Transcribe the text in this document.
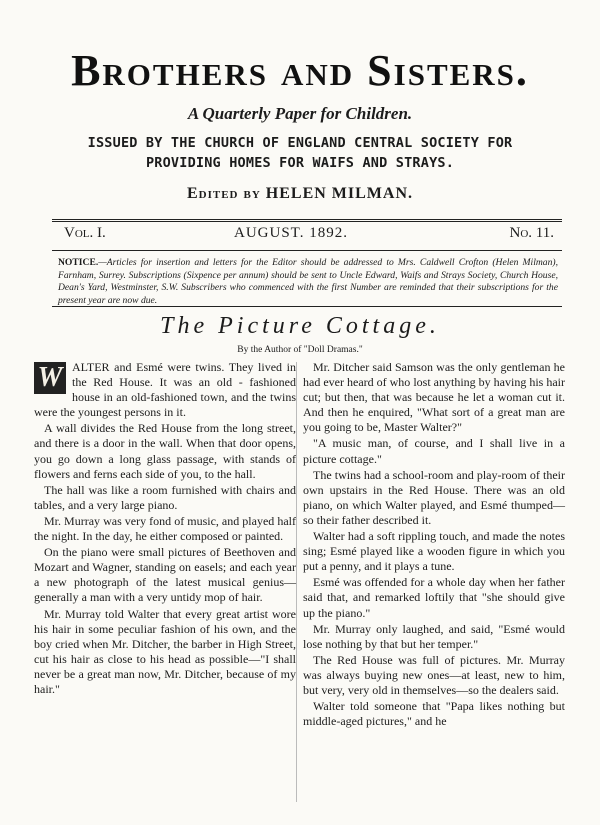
Brothers and Sisters.
A Quarterly Paper for Children.
ISSUED BY THE CHURCH OF ENGLAND CENTRAL SOCIETY FOR
PROVIDING HOMES FOR WAIFS AND STRAYS.
Edited by HELEN MILMAN.
Vol. I.	AUGUST. 1892.	No. 11.
NOTICE.—Articles for insertion and letters for the Editor should be addressed to Mrs. Caldwell Crofton (Helen Milman), Farnham, Surrey. Subscriptions (Sixpence per annum) should be sent to Uncle Edward, Waifs and Strays Society, Church House, Dean's Yard, Westminster, S.W. Subscribers who commenced with the first Number are reminded that their subscriptions for the present year are now due.
The Picture Cottage.
By the Author of "Doll Dramas."

W ALTER and Esmé were twins. They lived in the Red House. It was an old - fashioned house in an old-fashioned town, and the twins were the youngest persons in it.

A wall divides the Red House from the long street, and there is a door in the wall. When that door opens, you go down a long glass passage, with stands of flowers and ferns each side of you, to the hall.

The hall was like a room furnished with chairs and tables, and a very large piano.

Mr. Murray was very fond of music, and played half the night. In the day, he either composed or painted.

On the piano were small pictures of Beethoven and Mozart and Wagner, standing on easels; and each year a new photograph of the latest musical genius—generally a man with a very untidy mop of hair.

Mr. Murray told Walter that every great artist wore his hair in some peculiar fashion of his own, and the boy cried when Mr. Ditcher, the barber in High Street, cut his hair as close to his head as possible—"I shall never be a great man now, Mr. Ditcher, because of my hair."

Mr. Ditcher said Samson was the only gentleman he had ever heard of who lost anything by having his hair cut; but then, that was because he let a woman cut it. And then he enquired, "What sort of a great man are you going to be, Master Walter?"

"A music man, of course, and I shall live in a picture cottage."

The twins had a school-room and play-room of their own upstairs in the Red House. There was an old piano, on which Walter played, and Esmé thumped—so their father described it.

Walter had a soft rippling touch, and made the notes sing; Esmé played like a wooden figure in which you put a penny, and it plays a tune.

Esmé was offended for a whole day when her father said that, and remarked loftily that "she should give up the piano."

Mr. Murray only laughed, and said, "Esmé would lose nothing by that but her temper."

The Red House was full of pictures. Mr. Murray was always buying new ones—at least, new to him, but very, very old in themselves—so the dealers said.

Walter told someone that "Papa likes nothing but middle-aged pictures," and he
